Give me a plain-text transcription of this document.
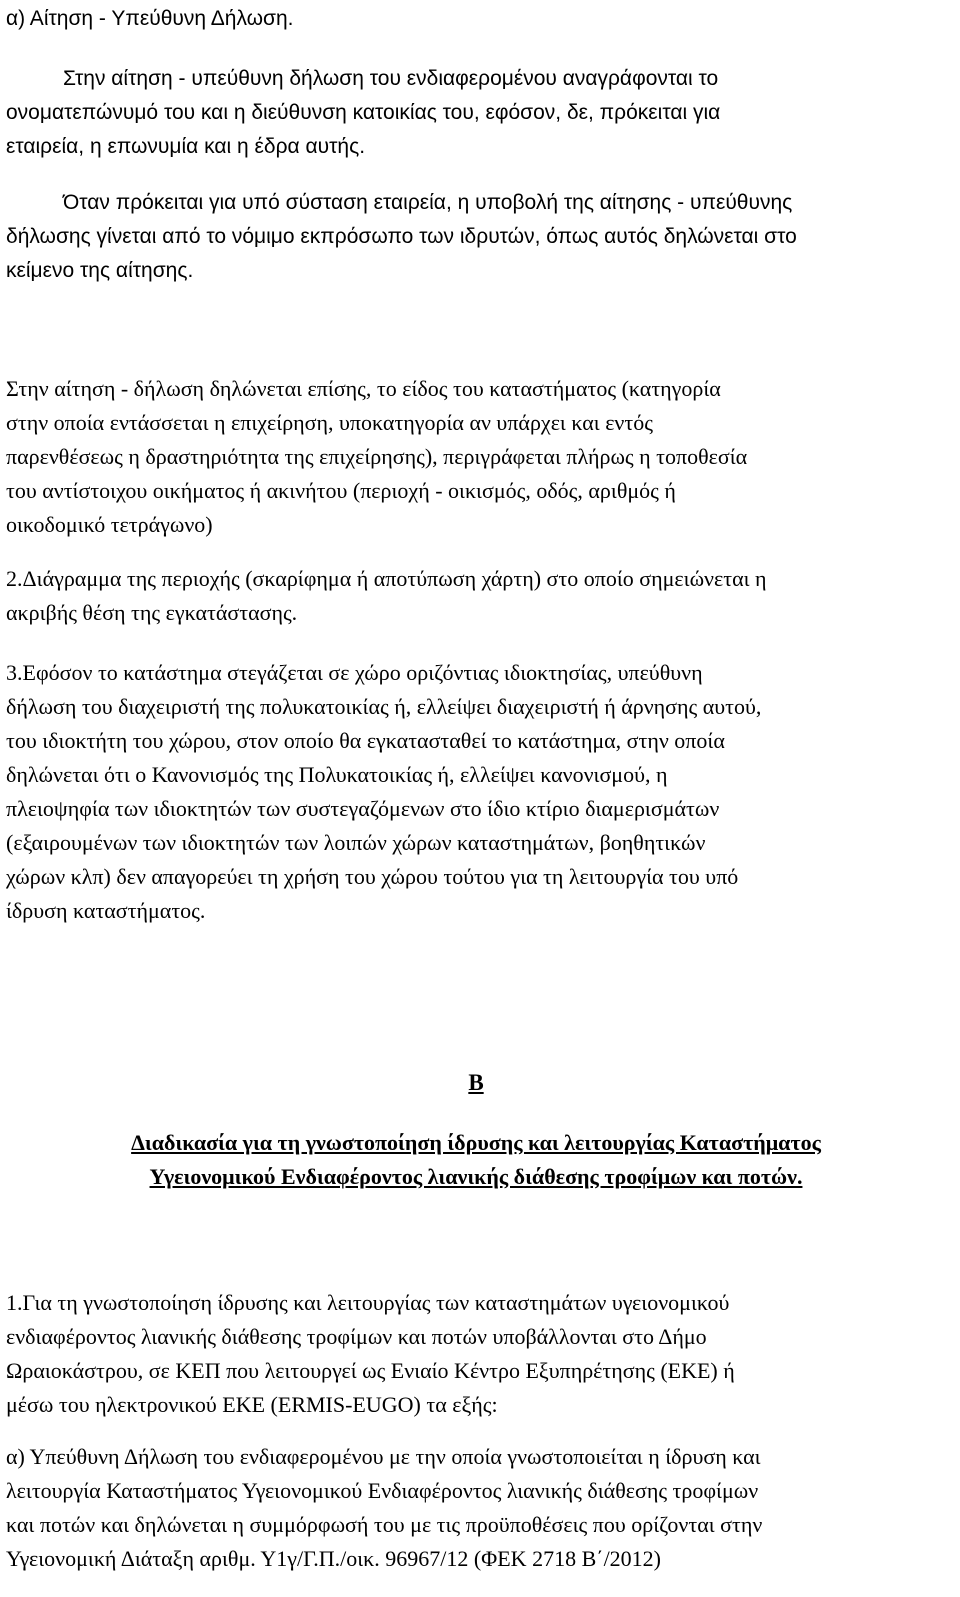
α) Αίτηση - Υπεύθυνη Δήλωση.
Στην αίτηση - υπεύθυνη δήλωση του ενδιαφερομένου αναγράφονται το
ονοματεπώνυμό του και η διεύθυνση κατοικίας του, εφόσον, δε, πρόκειται για
εταιρεία, η επωνυμία και η έδρα αυτής.
Όταν πρόκειται για υπό σύσταση εταιρεία, η υποβολή της αίτησης - υπεύθυνης
δήλωσης γίνεται από το νόμιμο εκπρόσωπο των ιδρυτών, όπως αυτός δηλώνεται στο
κείμενο της αίτησης.
Στην αίτηση - δήλωση δηλώνεται επίσης, το είδος του καταστήματος (κατηγορία
στην οποία εντάσσεται η επιχείρηση, υποκατηγορία αν υπάρχει και εντός
παρενθέσεως η δραστηριότητα της επιχείρησης), περιγράφεται πλήρως η τοποθεσία
του αντίστοιχου οικήματος ή ακινήτου (περιοχή - οικισμός, οδός, αριθμός ή
οικοδομικό τετράγωνο)
2.Διάγραμμα της περιοχής (σκαρίφημα ή αποτύπωση χάρτη) στο οποίο σημειώνεται η
ακριβής θέση της εγκατάστασης.
3.Εφόσον το κατάστημα στεγάζεται σε χώρο οριζόντιας ιδιοκτησίας, υπεύθυνη
δήλωση του διαχειριστή της πολυκατοικίας ή, ελλείψει διαχειριστή ή άρνησης αυτού,
του ιδιοκτήτη του χώρου, στον οποίο θα εγκατασταθεί το κατάστημα, στην οποία
δηλώνεται ότι ο Κανονισμός της Πολυκατοικίας ή, ελλείψει κανονισμού, η
πλειοψηφία των ιδιοκτητών των συστεγαζόμενων στο ίδιο κτίριο διαμερισμάτων
(εξαιρουμένων των ιδιοκτητών των λοιπών χώρων καταστημάτων, βοηθητικών
χώρων κλπ) δεν απαγορεύει τη χρήση του χώρου τούτου για τη λειτουργία του υπό
ίδρυση καταστήματος.
Β
Διαδικασία για τη γνωστοποίηση ίδρυσης και λειτουργίας Καταστήματος
Υγειονομικού Ενδιαφέροντος λιανικής διάθεσης τροφίμων και ποτών.
1.Για τη γνωστοποίηση ίδρυσης και λειτουργίας των καταστημάτων υγειονομικού
ενδιαφέροντος λιανικής διάθεσης τροφίμων και ποτών υποβάλλονται στο Δήμο
Ωραιοκάστρου, σε ΚΕΠ που λειτουργεί ως Ενιαίο Κέντρο Εξυπηρέτησης (ΕΚΕ) ή
μέσω του ηλεκτρονικού ΕΚΕ (ERMIS-EUGO) τα εξής:
α) Υπεύθυνη Δήλωση του ενδιαφερομένου με την οποία γνωστοποιείται η ίδρυση και
λειτουργία Καταστήματος Υγειονομικού Ενδιαφέροντος λιανικής διάθεσης τροφίμων
και ποτών και δηλώνεται η συμμόρφωσή του με τις προϋποθέσεις που ορίζονται στην
Υγειονομική Διάταξη αριθμ. Υ1γ/Γ.Π./οικ. 96967/12 (ΦΕΚ 2718 Β΄/2012)
